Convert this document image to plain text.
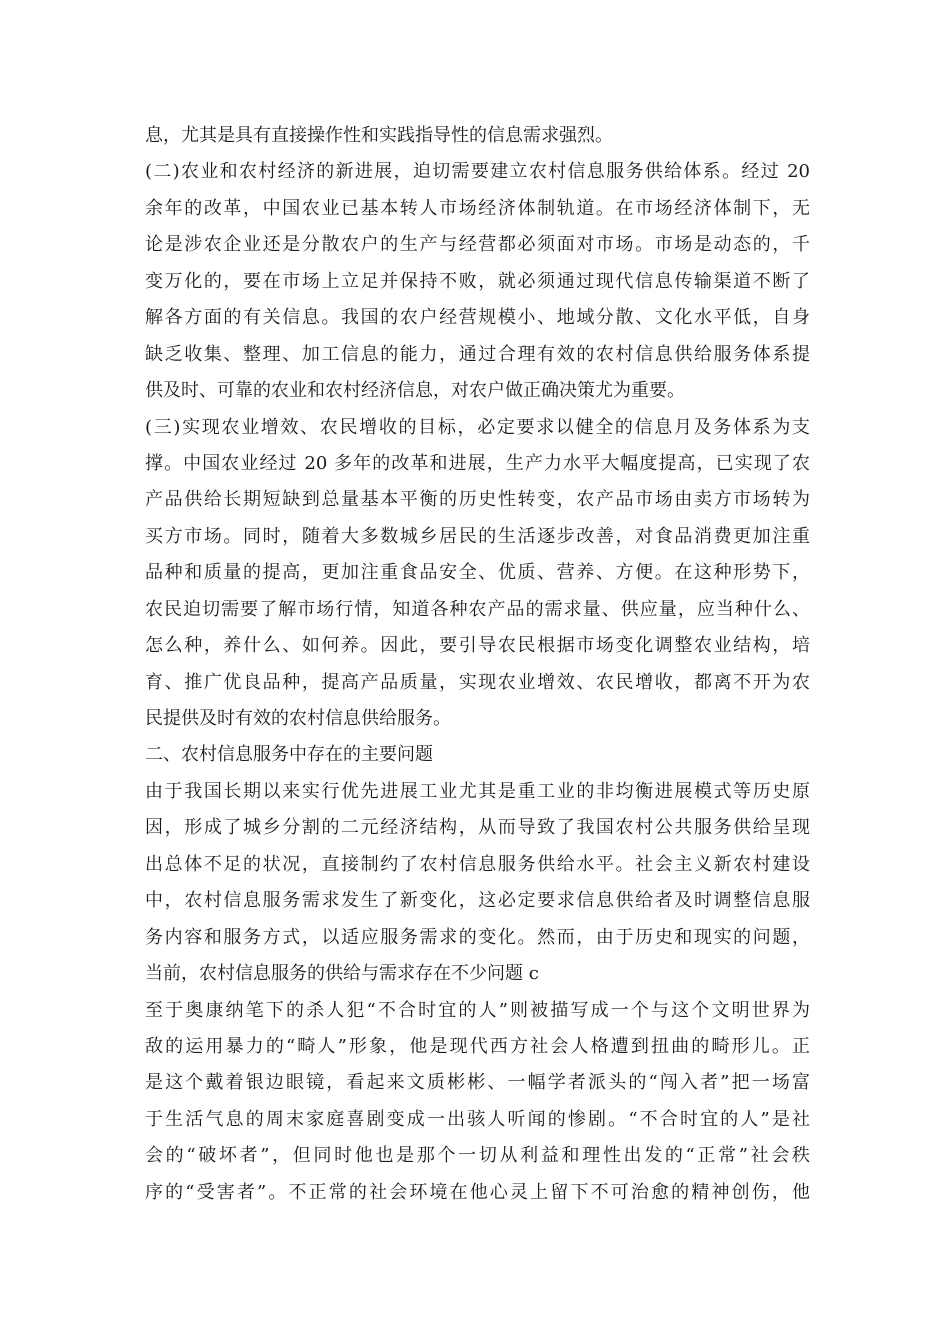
息，尤其是具有直接操作性和实践指导性的信息需求强烈。
(二)农业和农村经济的新进展，迫切需要建立农村信息服务供给体系。经过 20
余年的改革，中国农业已基本转人市场经济体制轨道。在市场经济体制下，无
论是涉农企业还是分散农户的生产与经营都必须面对市场。市场是动态的，千
变万化的，要在市场上立足并保持不败，就必须通过现代信息传输渠道不断了
解各方面的有关信息。我国的农户经营规模小、地域分散、文化水平低，自身
缺乏收集、整理、加工信息的能力，通过合理有效的农村信息供给服务体系提
供及时、可靠的农业和农村经济信息，对农户做正确决策尤为重要。
(三)实现农业增效、农民增收的目标，必定要求以健全的信息月及务体系为支
撑。中国农业经过 20 多年的改革和进展，生产力水平大幅度提高，已实现了农
产品供给长期短缺到总量基本平衡的历史性转变，农产品市场由卖方市场转为
买方市场。同时，随着大多数城乡居民的生活逐步改善，对食品消费更加注重
品种和质量的提高，更加注重食品安全、优质、营养、方便。在这种形势下，
农民迫切需要了解市场行情，知道各种农产品的需求量、供应量，应当种什么、
怎么种，养什么、如何养。因此，要引导农民根据市场变化调整农业结构，培
育、推广优良品种，提高产品质量，实现农业增效、农民增收，都离不开为农
民提供及时有效的农村信息供给服务。
二、农村信息服务中存在的主要问题
由于我国长期以来实行优先进展工业尤其是重工业的非均衡进展模式等历史原
因，形成了城乡分割的二元经济结构，从而导致了我国农村公共服务供给呈现
出总体不足的状况，直接制约了农村信息服务供给水平。社会主义新农村建设
中，农村信息服务需求发生了新变化，这必定要求信息供给者及时调整信息服
务内容和服务方式，以适应服务需求的变化。然而，由于历史和现实的问题，
当前，农村信息服务的供给与需求存在不少问题 c
至于奥康纳笔下的杀人犯“不合时宜的人”则被描写成一个与这个文明世界为
敌的运用暴力的“畸人”形象，他是现代西方社会人格遭到扭曲的畸形儿。正
是这个戴着银边眼镜，看起来文质彬彬、一幅学者派头的“闯入者”把一场富
于生活气息的周末家庭喜剧变成一出骇人听闻的惨剧。“不合时宜的人”是社
会的“破坏者”，但同时他也是那个一切从利益和理性出发的“正常”社会秩
序的“受害者”。不正常的社会环境在他心灵上留下不可治愈的精神创伤，他
